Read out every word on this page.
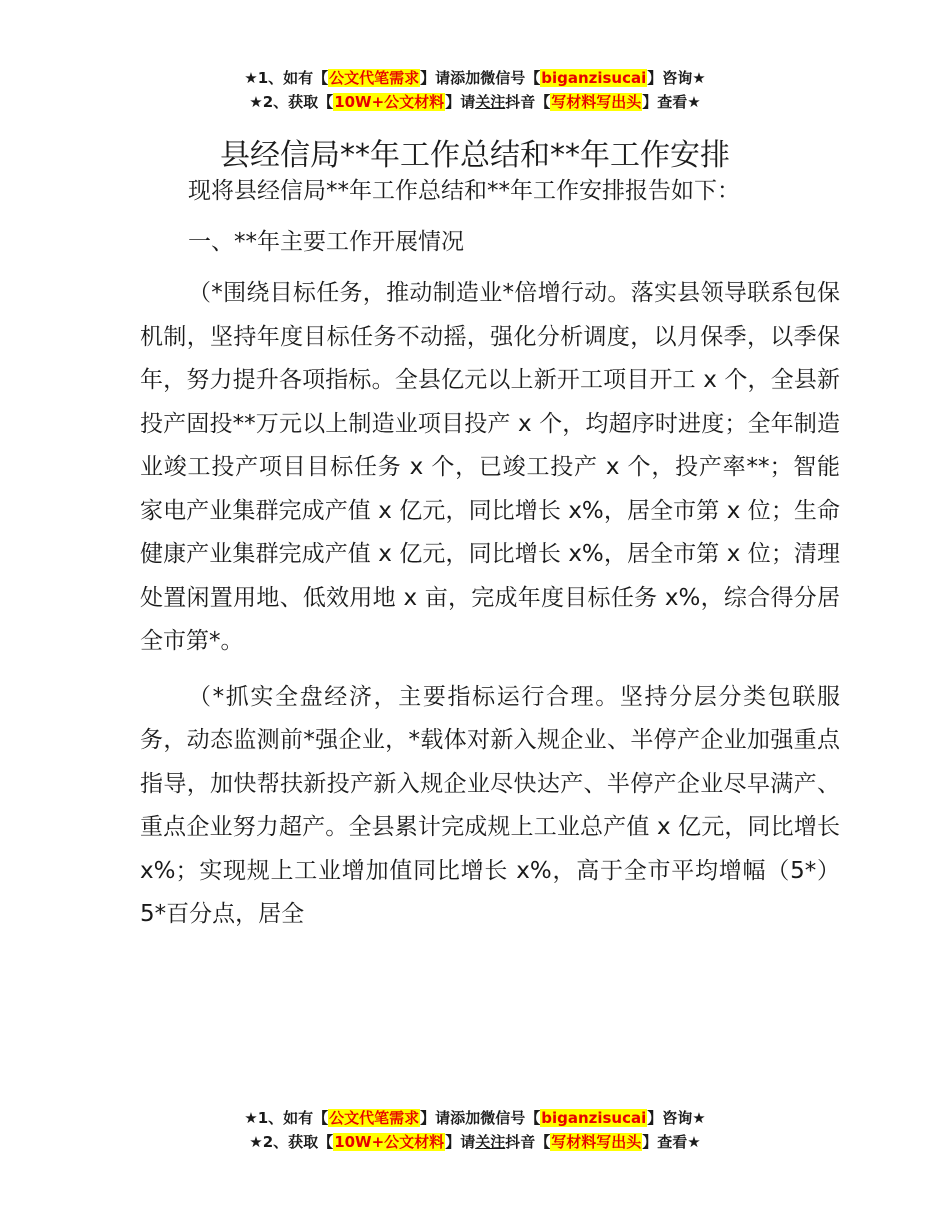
★1、如有【公文代笔需求】请添加微信号【biganzisucai】咨询★
★2、获取【10W+公文材料】请关注抖音【写材料写出头】查看★
县经信局**年工作总结和**年工作安排

现将县经信局**年工作总结和**年工作安排报告如下：

一、**年主要工作开展情况

（*围绕目标任务，推动制造业*倍增行动。落实县领导联系包保机制，坚持年度目标任务不动摇，强化分析调度，以月保季，以季保年，努力提升各项指标。全县亿元以上新开工项目开工 x 个，全县新投产固投**万元以上制造业项目投产 x 个，均超序时进度；全年制造业竣工投产项目目标任务 x 个，已竣工投产 x 个，投产率**；智能家电产业集群完成产值 x 亿元，同比增长 x%，居全市第 x 位；生命健康产业集群完成产值 x 亿元，同比增长 x%，居全市第 x 位；清理处置闲置用地、低效用地 x 亩，完成年度目标任务 x%，综合得分居全市第*。

（*抓实全盘经济，主要指标运行合理。坚持分层分类包联服务，动态监测前*强企业，*载体对新入规企业、半停产企业加强重点指导，加快帮扶新投产新入规企业尽快达产、半停产企业尽早满产、重点企业努力超产。全县累计完成规上工业总产值 x 亿元，同比增长 x%；实现规上工业增加值同比增长 x%，高于全市平均增幅（5*）5*百分点，居全

★1、如有【公文代笔需求】请添加微信号【biganzisucai】咨询★
★2、获取【10W+公文材料】请关注抖音【写材料写出头】查看★
